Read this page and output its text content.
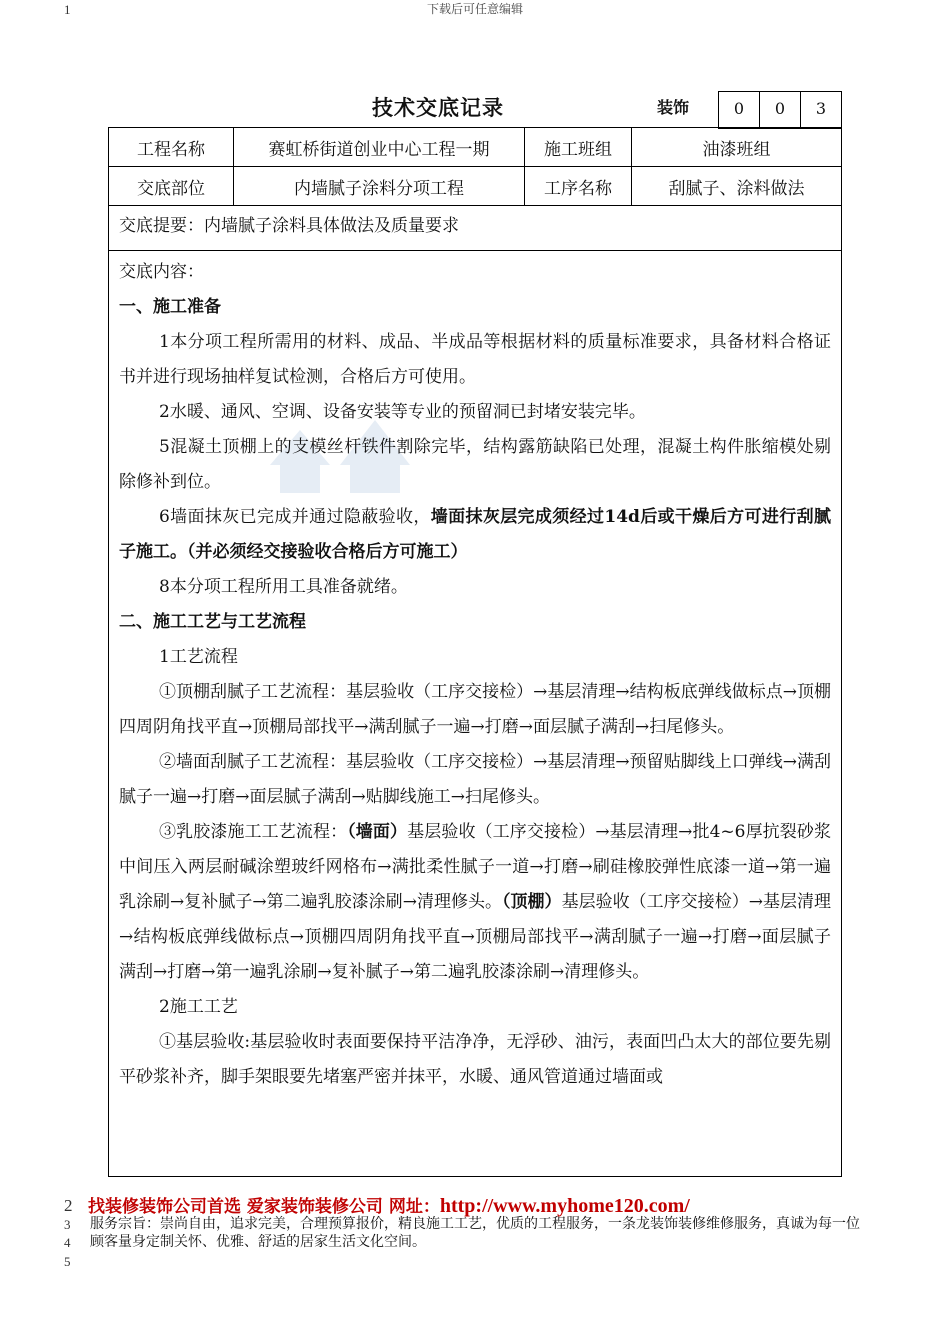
1	下载后可任意编辑
技术交底记录	装饰	0	0	3
工程名称	赛虹桥街道创业中心工程一期	施工班组	油漆班组
交底部位	内墙腻子涂料分项工程	工序名称	刮腻子、涂料做法
交底提要：内墙腻子涂料具体做法及质量要求

交底内容：

一、施工准备

1本分项工程所需用的材料、成品、半成品等根据材料的质量标准要求，具备材料合格证书并进行现场抽样复试检测，合格后方可使用。

2水暖、通风、空调、设备安装等专业的预留洞已封堵安装完毕。

5混凝土顶棚上的支模丝杆铁件割除完毕，结构露筋缺陷已处理，混凝土构件胀缩模处剔除修补到位。

6墙面抹灰已完成并通过隐蔽验收，墙面抹灰层完成须经过14d后或干燥后方可进行刮腻子施工。（并必须经交接验收合格后方可施工）

8本分项工程所用工具准备就绪。

二、施工工艺与工艺流程

1工艺流程

①顶棚刮腻子工艺流程：基层验收（工序交接检）→基层清理→结构板底弹线做标点→顶棚四周阴角找平直→顶棚局部找平→满刮腻子一遍→打磨→面层腻子满刮→扫尾修头。

②墙面刮腻子工艺流程：基层验收（工序交接检）→基层清理→预留贴脚线上口弹线→满刮腻子一遍→打磨→面层腻子满刮→贴脚线施工→扫尾修头。

③乳胶漆施工工艺流程：（墙面）基层验收（工序交接检）→基层清理→批4~6厚抗裂砂浆中间压入两层耐碱涂塑玻纤网格布→满批柔性腻子一道→打磨→刷硅橡胶弹性底漆一道→第一遍乳涂刷→复补腻子→第二遍乳胶漆涂刷→清理修头。（顶棚）基层验收（工序交接检）→基层清理→结构板底弹线做标点→顶棚四周阴角找平直→顶棚局部找平→满刮腻子一遍→打磨→面层腻子满刮→打磨→第一遍乳涂刷→复补腻子→第二遍乳胶漆涂刷→清理修头。

2施工工艺

①基层验收:基层验收时表面要保持平洁净净，无浮砂、油污，表面凹凸太大的部位要先剔平砂浆补齐，脚手架眼要先堵塞严密并抹平，水暖、通风管道通过墙面或

2 找装修装饰公司首选 爱家装饰装修公司 网址：http://www.myhome120.com/
3
4
服务宗旨：崇尚自由，追求完美，合理预算报价，精良施工工艺，优质的工程服务，一条龙装饰装修维修服务，真诚为每一位顾客量身定制关怀、优雅、舒适的居家生活文化空间。
5
